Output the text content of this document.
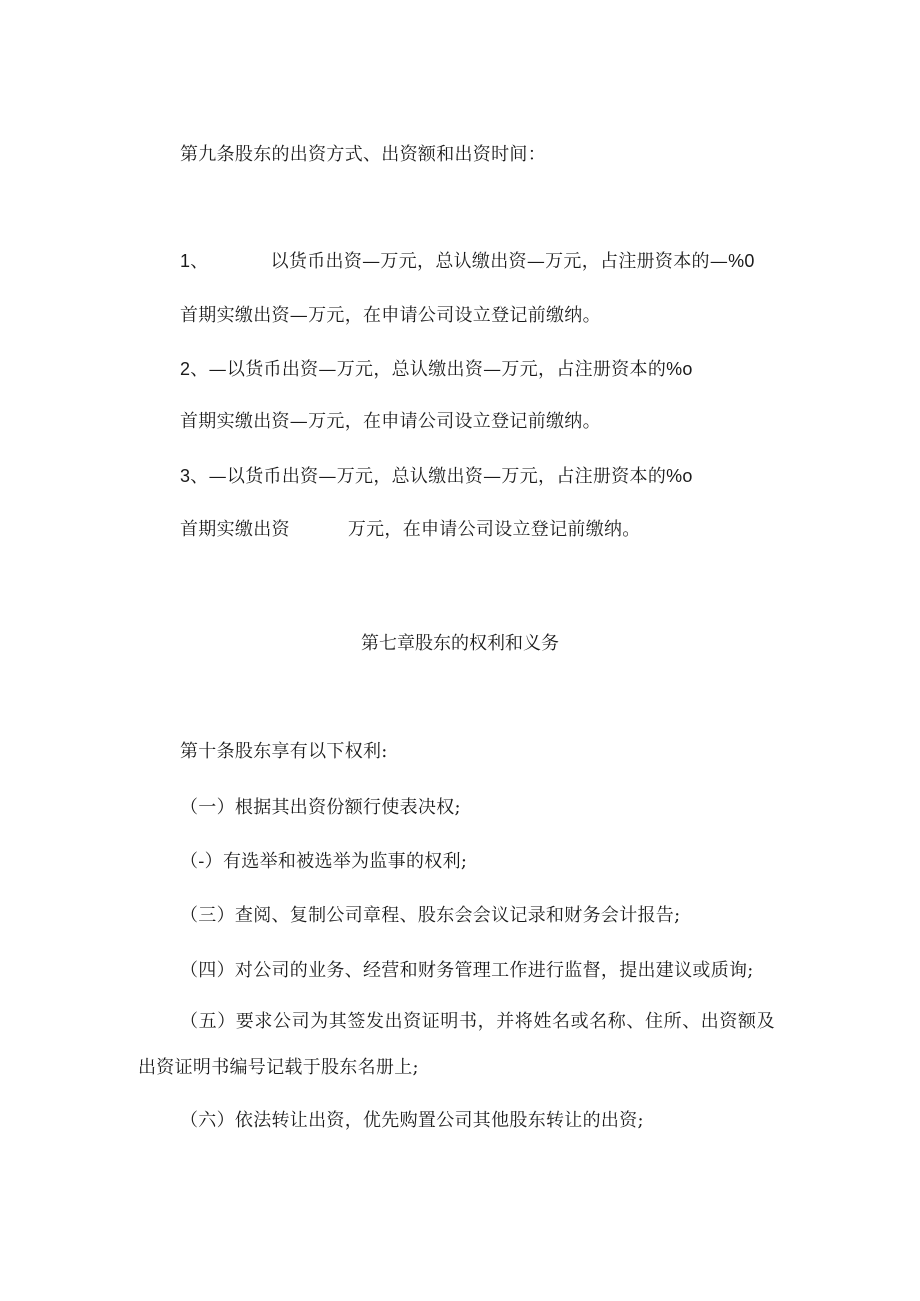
第九条股东的出资方式、出资额和出资时间：
1、	以货币出资—万元，总认缴出资—万元，占注册资本的—%0
首期实缴出资—万元，在申请公司设立登记前缴纳。
2、—以货币出资—万元，总认缴出资—万元，占注册资本的%o
首期实缴出资—万元，在申请公司设立登记前缴纳。
3、—以货币出资—万元，总认缴出资—万元，占注册资本的%o
首期实缴出资	万元，在申请公司设立登记前缴纳。
第七章股东的权利和义务
第十条股东享有以下权利:
（一）根据其出资份额行使表决权;
（-）有选举和被选举为监事的权利;
（三）查阅、复制公司章程、股东会会议记录和财务会计报告;
（四）对公司的业务、经营和财务管理工作进行监督，提出建议或质询;
（五）要求公司为其签发出资证明书，并将姓名或名称、住所、出资额及
出资证明书编号记载于股东名册上;
（六）依法转让出资，优先购置公司其他股东转让的出资;
